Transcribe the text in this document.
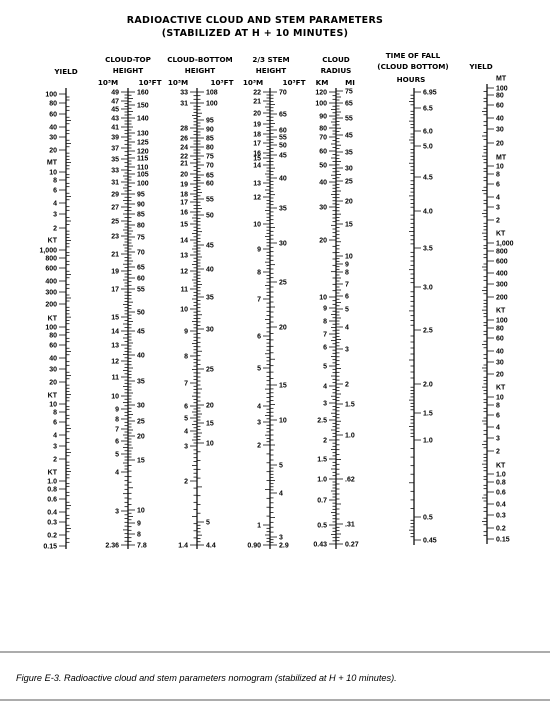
RADIOACTIVE CLOUD AND STEM PARAMETERS
(STABILIZED AT H + 10 MINUTES)
YIELD
100
80
60
40
30
20
MT
10
8
6
4
3
2
KT
1,000
800
600
400
300
200
KT
100
80
60
40
30
20
KT
10
8
6
4
3
2
KT
1.0
0.8
0.6
0.4
0.3
0.2
0.15
CLOUD-TOP
HEIGHT
10³M	10³FT
49
47
45
43
41
39
37
35
33
31
29
27
25
23
21
19
17
15
14
13
12
11
10
9
8
7
6
5
4
3
2.36
160
150
140
130
125
120
115
110
105
100
95
90
85
80
75
70
65
60
55
50
45
40
35
30
25
20
15
10
9
8
7.8
CLOUD-BOTTOM
HEIGHT
10³M	10³FT
33
31
28
26
24
22
21
20
19
18
17
16
15
14
13
12
11
10
9
8
7
6
5
4
3
2
1.4
108
100
95
90
85
80
75
70
65
60
55
50
45
40
35
30
25
20
15
10
5
4.4
2/3 STEM
HEIGHT
10³M	10³FT
22
21
20
19
18
17
16
15
14
13
12
10
9
8
7
6
5
4
3
2
1
0.90
70
65
60
55
50
45
40
35
30
25
20
15
10
5
4
3
2.9
CLOUD
RADIUS
KM MI
120
100
90
80
70
60
50
40
30
20
10
9
8
7
6
5
4
3
2.5
2
1.5
1.0
0.7
0.5
0.43
75
65
55
45
35
30
25
20
15
10
9
8
7
6
5
4
3
2
1.5
1.0
.62
.31
0.27
TIME OF FALL
(CLOUD BOTTOM)
HOURS
6.95
6.5
6.0
5.0
4.5
4.0
3.5
3.0
2.5
2.0
1.5
1.0
0.5
0.45
YIELD
MT
100
80
60
40
30
20
MT
10
8
6
4
3
2
KT
1,000
800
600
400
300
200
KT
100
80
60
40
30
20
KT
10
8
6
4
3
2
KT
1.0
0.8
0.6
0.4
0.3
0.2
0.15
Figure E-3. Radioactive cloud and stem parameters nomogram (stabilized at H + 10 minutes).
